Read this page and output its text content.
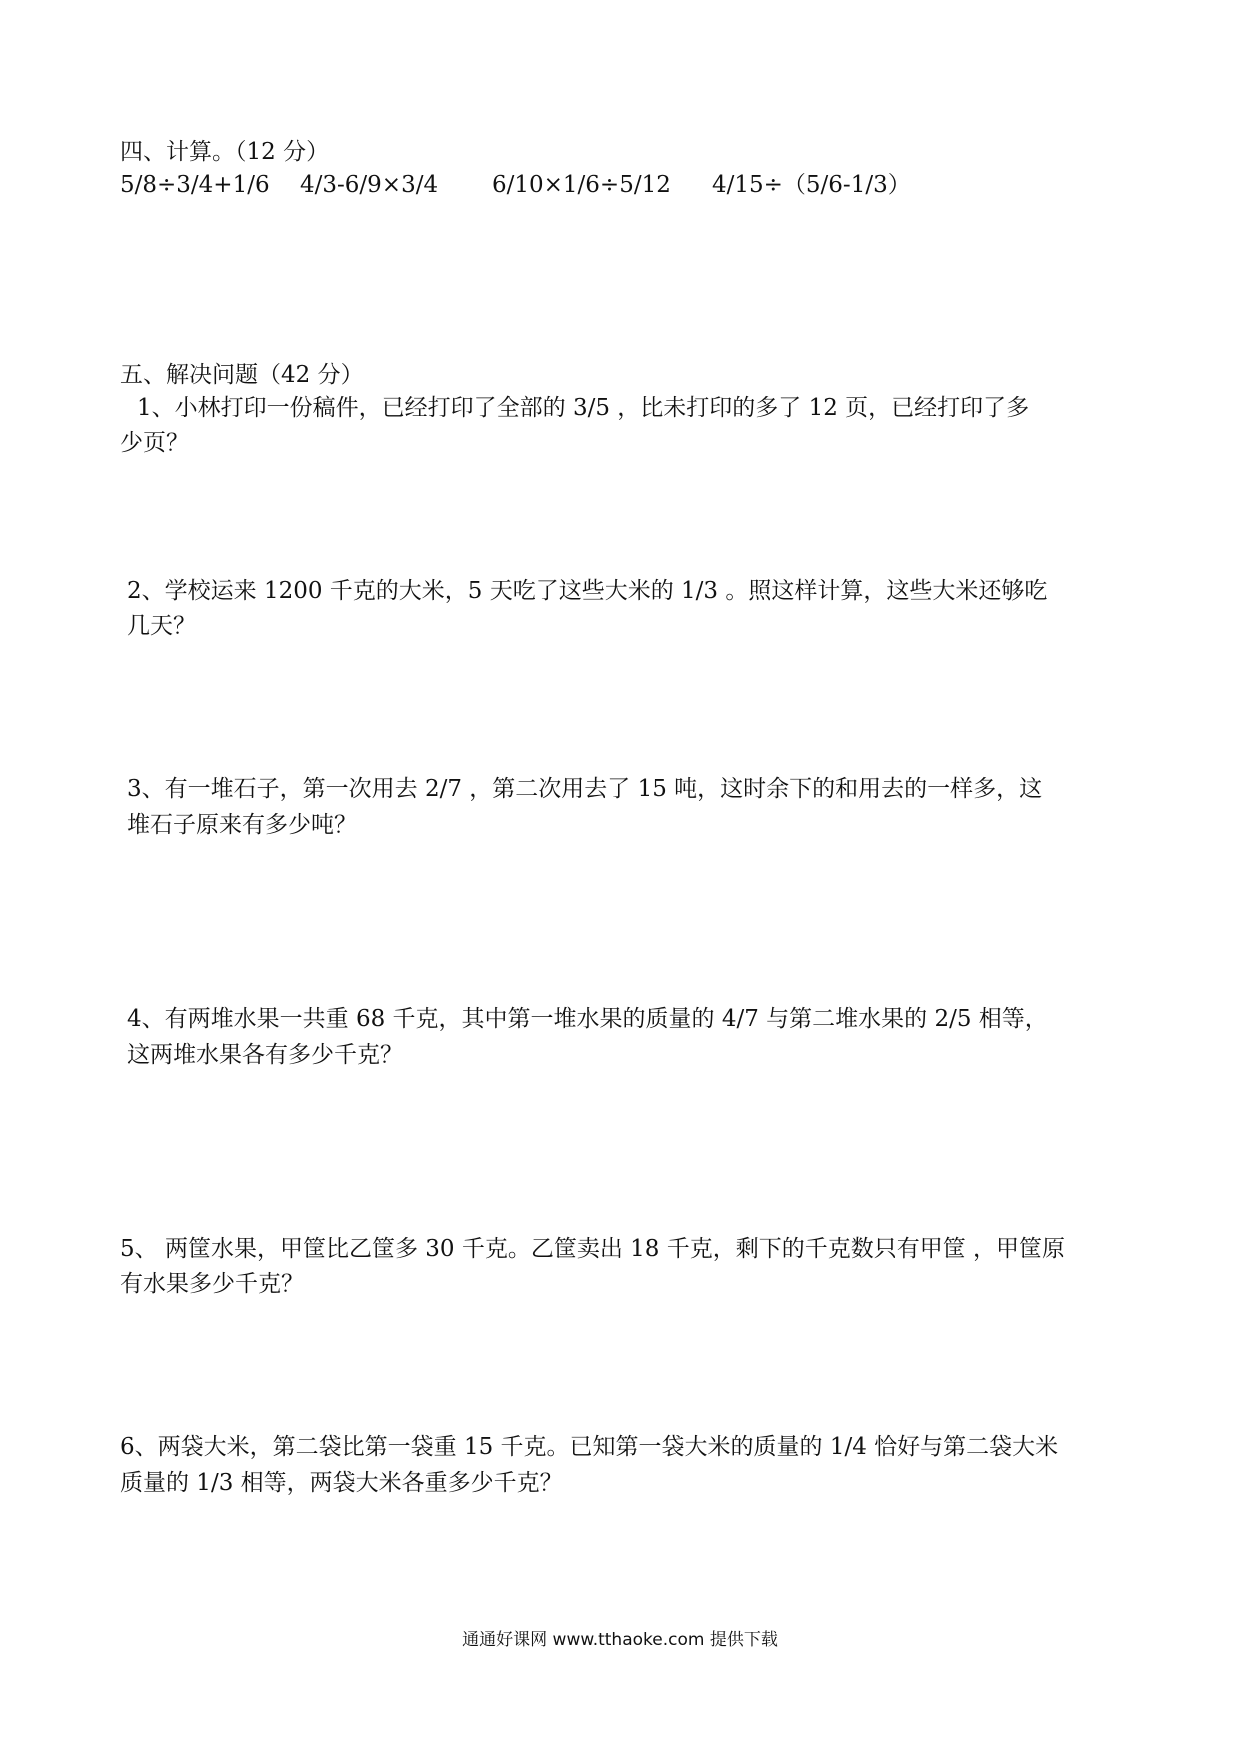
四、计算。（12 分）
5/8÷3/4+1/6 4/3-6/9×3/4 6/10×1/6÷5/12 4/15÷（5/6-1/3）
五、解决问题（42 分）
1、小林打印一份稿件，已经打印了全部的 3/5 ，比未打印的多了 12 页，已经打印了多
少页？
2、学校运来 1200 千克的大米，5 天吃了这些大米的 1/3 。照这样计算，这些大米还够吃
几天？
3、有一堆石子，第一次用去 2/7 ，第二次用去了 15 吨，这时余下的和用去的一样多，这
堆石子原来有多少吨？
4、有两堆水果一共重 68 千克，其中第一堆水果的质量的 4/7 与第二堆水果的 2/5 相等，
这两堆水果各有多少千克？
5、 两筐水果，甲筐比乙筐多 30 千克。乙筐卖出 18 千克，剩下的千克数只有甲筐 ，甲筐原
有水果多少千克？
6、两袋大米，第二袋比第一袋重 15 千克。已知第一袋大米的质量的 1/4 恰好与第二袋大米
质量的 1/3 相等，两袋大米各重多少千克？
通通好课网 www.tthaoke.com 提供下载
